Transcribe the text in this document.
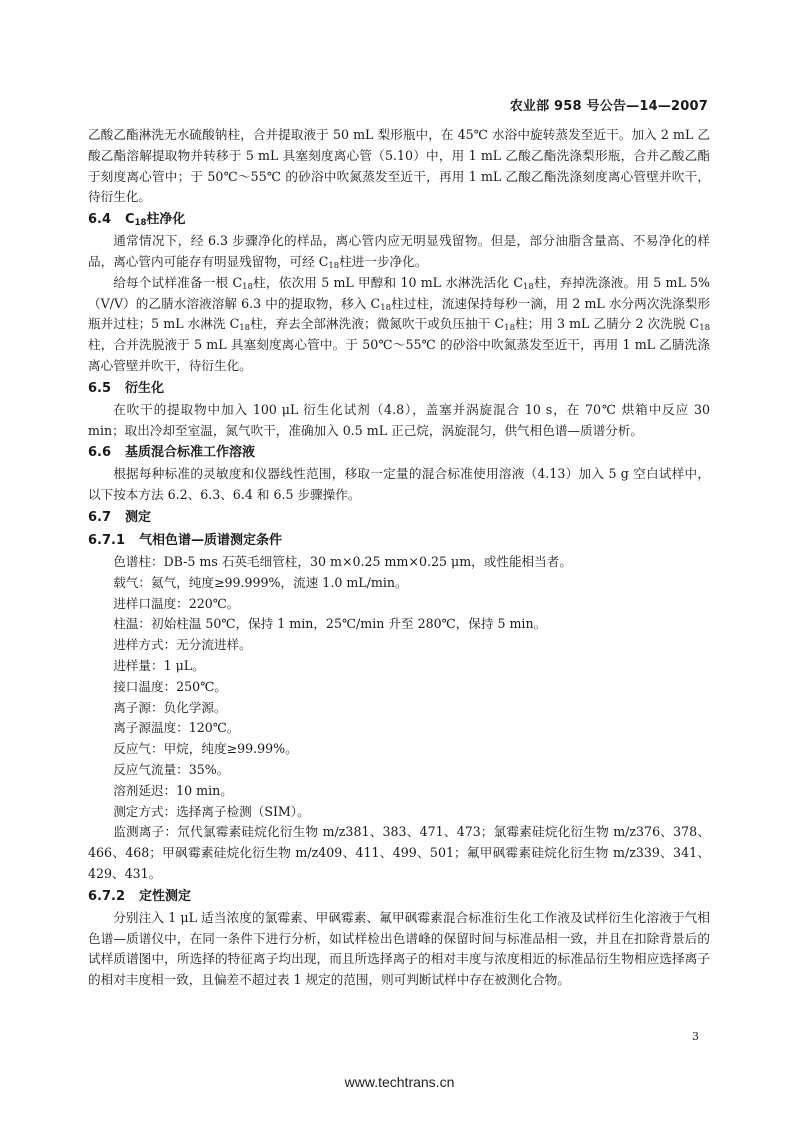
农业部 958 号公告—14—2007

乙酸乙酯淋洗无水硫酸钠柱，合并提取液于 50 mL 梨形瓶中，在 45℃ 水浴中旋转蒸发至近干。加入 2 mL 乙酸乙酯溶解提取物并转移于 5 mL 具塞刻度离心管（5.10）中，用 1 mL 乙酸乙酯洗涤梨形瓶，合并乙酸乙酯于刻度离心管中；于 50℃～55℃ 的砂浴中吹氮蒸发至近干，再用 1 mL 乙酸乙酯洗涤刻度离心管壁并吹干，待衍生化。

6.4 $C_{18}$柱净化

通常情况下，经 6.3 步骤净化的样品，离心管内应无明显残留物。但是，部分油脂含量高、不易净化的样品，离心管内可能存有明显残留物，可经 $C_{18}$柱进一步净化。

给每个试样准备一根 $C_{18}$柱，依次用 5 mL 甲醇和 10 mL 水淋洗活化 $C_{18}$柱，弃掉洗涤液。用 5 mL 5%（V/V）的乙腈水溶液溶解 6.3 中的提取物，移入 $C_{18}$柱过柱，流速保持每秒一滴，用 2 mL 水分两次洗涤梨形瓶并过柱；5 mL 水淋洗 $C_{18}$柱，弃去全部淋洗液；微氮吹干或负压抽干 $C_{18}$柱；用 3 mL 乙腈分 2 次洗脱 $C_{18}$柱，合并洗脱液于 5 mL 具塞刻度离心管中。于 50℃～55℃ 的砂浴中吹氮蒸发至近干，再用 1 mL 乙腈洗涤离心管壁并吹干，待衍生化。

6.5 衍生化

在吹干的提取物中加入 100 μL 衍生化试剂（4.8），盖塞并涡旋混合 10 s，在 70℃ 烘箱中反应 30 min；取出冷却至室温，氮气吹干，准确加入 0.5 mL 正己烷，涡旋混匀，供气相色谱—质谱分析。

6.6 基质混合标准工作溶液

根据每种标准的灵敏度和仪器线性范围，移取一定量的混合标准使用溶液（4.13）加入 5 g 空白试样中，以下按本方法 6.2、6.3、6.4 和 6.5 步骤操作。

6.7 测定
6.7.1 气相色谱—质谱测定条件

色谱柱：DB-5 ms 石英毛细管柱，30 m×0.25 mm×0.25 μm，或性能相当者。

载气：氦气，纯度≥99.999%，流速 1.0 mL/min。

进样口温度：220℃。

柱温：初始柱温 50℃，保持 1 min，25℃/min 升至 280℃，保持 5 min。

进样方式：无分流进样。

进样量：1 μL。

接口温度：250℃。

离子源：负化学源。

离子源温度：120℃。

反应气：甲烷，纯度≥99.99%。

反应气流量：35%。

溶剂延迟：10 min。

测定方式：选择离子检测（SIM）。

监测离子：氘代氯霉素硅烷化衍生物 m/z381、383、471、473；氯霉素硅烷化衍生物 m/z376、378、466、468；甲砜霉素硅烷化衍生物 m/z409、411、499、501；氟甲砜霉素硅烷化衍生物 m/z339、341、429、431。

6.7.2 定性测定

分别注入 1 μL 适当浓度的氯霉素、甲砜霉素、氟甲砜霉素混合标准衍生化工作液及试样衍生化溶液于气相色谱—质谱仪中，在同一条件下进行分析，如试样检出色谱峰的保留时间与标准品相一致，并且在扣除背景后的试样质谱图中，所选择的特征离子均出现，而且所选择离子的相对丰度与浓度相近的标准品衍生物相应选择离子的相对丰度相一致，且偏差不超过表 1 规定的范围，则可判断试样中存在被测化合物。

3
www.techtrans.cn
